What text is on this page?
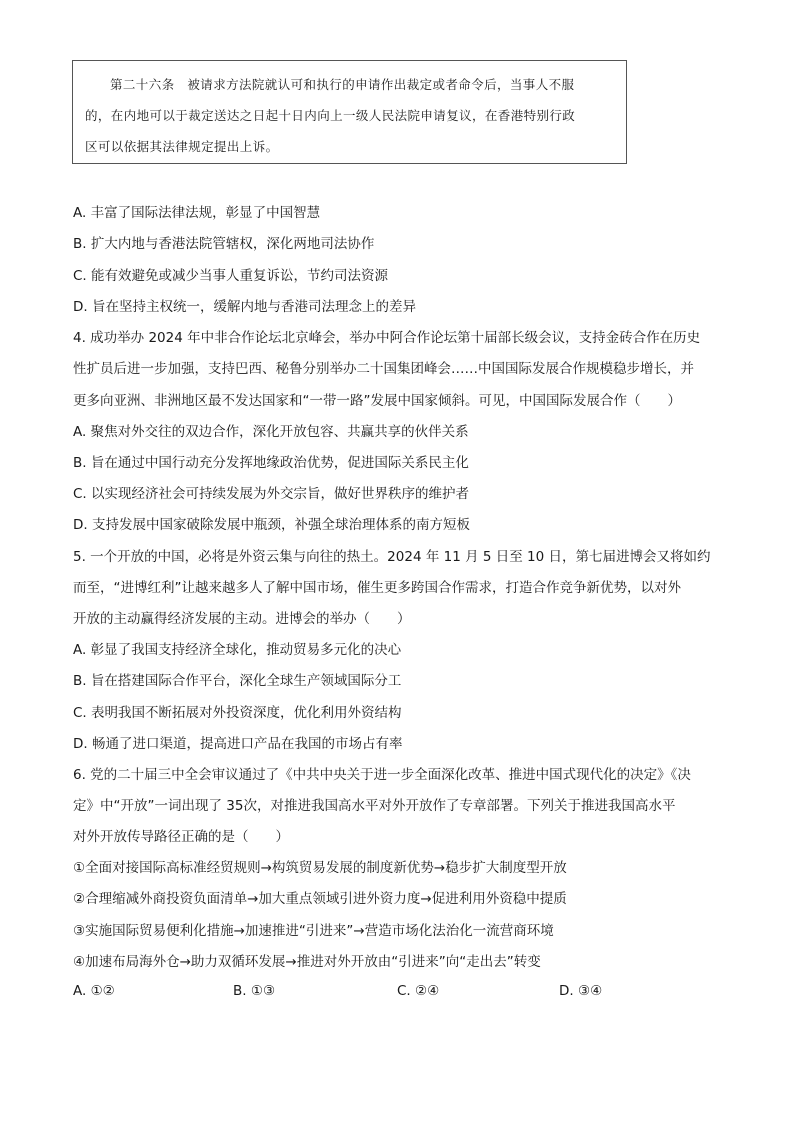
第二十六条　被请求方法院就认可和执行的申请作出裁定或者命令后，当事人不服

的，在内地可以于裁定送达之日起十日内向上一级人民法院申请复议，在香港特别行政

区可以依据其法律规定提出上诉。

A. 丰富了国际法律法规，彰显了中国智慧
B. 扩大内地与香港法院管辖权，深化两地司法协作
C. 能有效避免或减少当事人重复诉讼，节约司法资源
D. 旨在坚持主权统一，缓解内地与香港司法理念上的差异
4. 成功举办 2024 年中非合作论坛北京峰会，举办中阿合作论坛第十届部长级会议，支持金砖合作在历史
性扩员后进一步加强，支持巴西、秘鲁分别举办二十国集团峰会……中国国际发展合作规模稳步增长，并
更多向亚洲、非洲地区最不发达国家和“一带一路”发展中国家倾斜。可见，中国国际发展合作（　　）
A. 聚焦对外交往的双边合作，深化开放包容、共赢共享的伙伴关系
B. 旨在通过中国行动充分发挥地缘政治优势，促进国际关系民主化
C. 以实现经济社会可持续发展为外交宗旨，做好世界秩序的维护者
D. 支持发展中国家破除发展中瓶颈，补强全球治理体系的南方短板
5. 一个开放的中国，必将是外资云集与向往的热土。2024 年 11 月 5 日至 10 日，第七届进博会又将如约
而至，“进博红利”让越来越多人了解中国市场，催生更多跨国合作需求，打造合作竞争新优势，以对外
开放的主动赢得经济发展的主动。进博会的举办（　　）
A. 彰显了我国支持经济全球化，推动贸易多元化的决心
B. 旨在搭建国际合作平台，深化全球生产领域国际分工
C. 表明我国不断拓展对外投资深度，优化利用外资结构
D. 畅通了进口渠道，提高进口产品在我国的市场占有率
6. 党的二十届三中全会审议通过了《中共中央关于进一步全面深化改革、推进中国式现代化的决定》《决
定》中“开放”一词出现了 35次，对推进我国高水平对外开放作了专章部署。下列关于推进我国高水平
对外开放传导路径正确的是（　　）
①全面对接国际高标准经贸规则→构筑贸易发展的制度新优势→稳步扩大制度型开放
②合理缩减外商投资负面清单→加大重点领域引进外资力度→促进利用外资稳中提质
③实施国际贸易便利化措施→加速推进“引进来”→营造市场化法治化一流营商环境
④加速布局海外仓→助力双循环发展→推进对外开放由“引进来”向“走出去”转变
A. ①②	B. ①③	C. ②④	D. ③④
